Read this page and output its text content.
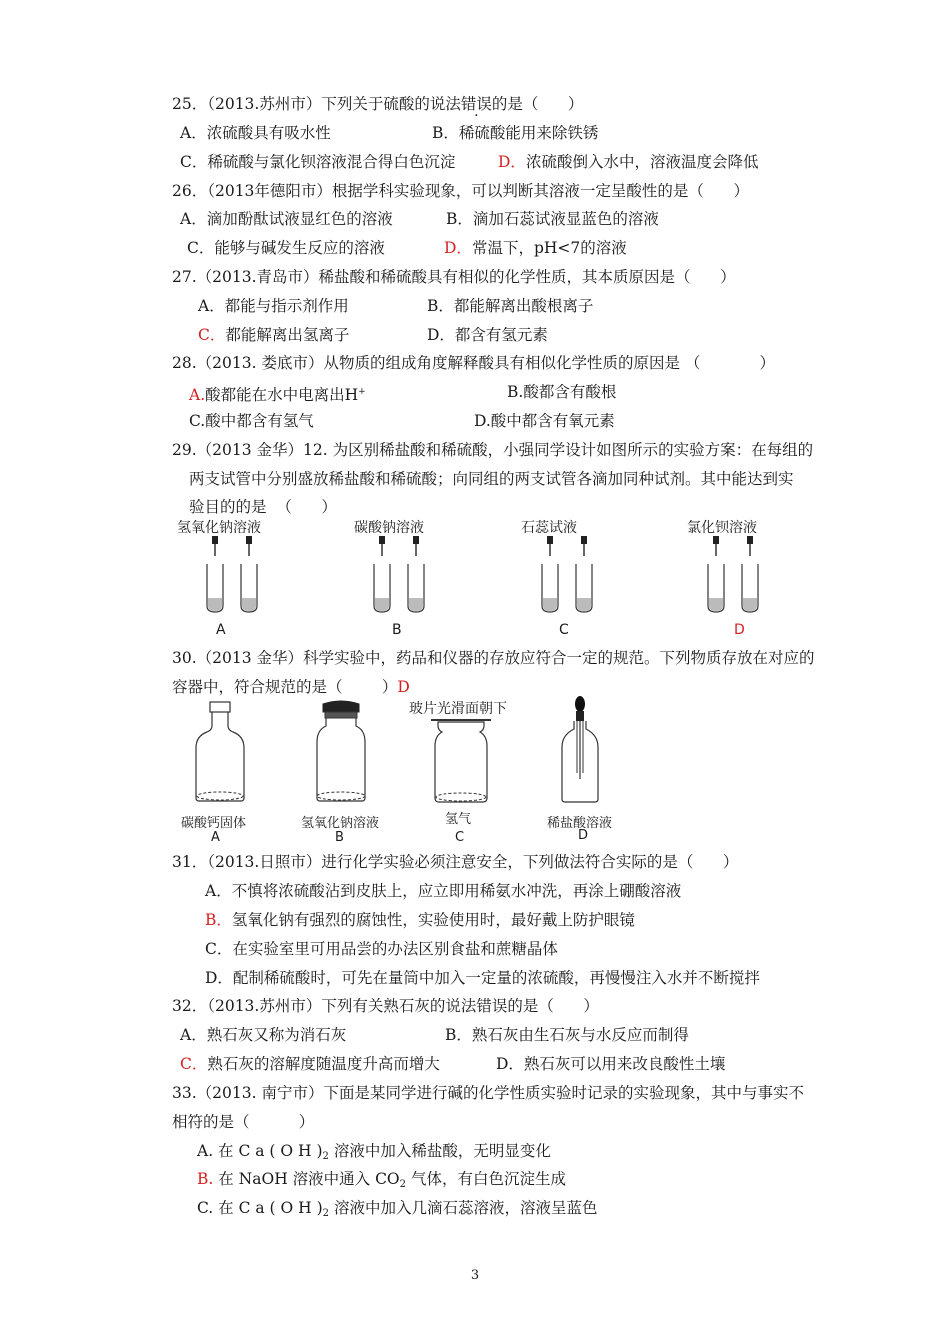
25．（2013.苏州市）下列关于硫酸的说法错误的是（      ）
A．浓硫酸具有吸水性	B．稀硫酸能用来除铁锈
C．稀硫酸与氯化钡溶液混合得白色沉淀	D．浓硫酸倒入水中，溶液温度会降低
26．（2013年德阳市）根据学科实验现象，可以判断其溶液一定呈酸性的是（      ）
A．滴加酚酞试液显红色的溶液	B．滴加石蕊试液显蓝色的溶液
C．能够与碱发生反应的溶液	D．常温下，pH<7的溶液
27.（2013.青岛市）稀盐酸和稀硫酸具有相似的化学性质，其本质原因是（      ）
A．都能与指示剂作用	B．都能解离出酸根离子
C．都能解离出氢离子	D．都含有氢元素
28.（2013. 娄底市）从物质的组成角度解释酸具有相似化学性质的原因是 （            ）
A.酸都能在水中电离出H+	B.酸都含有酸根
C.酸中都含有氢气	D.酸中都含有氧元素
29.（2013 金华）12. 为区别稀盐酸和稀硫酸，小强同学设计如图所示的实验方案：在每组的
两支试管中分别盛放稀盐酸和稀硫酸；向同组的两支试管各滴加同种试剂。其中能达到实
验目的的是  （      ）
氢氧化钠溶液	碳酸钠溶液	石蕊试液	氯化钡溶液
A	B	C	D
30.（2013 金华）科学实验中，药品和仪器的存放应符合一定的规范。下列物质存放在对应的
容器中，符合规范的是（        ）D
玻片光滑面朝下
碳酸钙固体	氢氧化钠溶液	氢气	稀盐酸溶液
A	B	C	D
31．（2013.日照市）进行化学实验必须注意安全，下列做法符合实际的是（      ）
A．不慎将浓硫酸沾到皮肤上，应立即用稀氨水冲洗，再涂上硼酸溶液
B．氢氧化钠有强烈的腐蚀性，实验使用时，最好戴上防护眼镜
C．在实验室里可用品尝的办法区别食盐和蔗糖晶体
D．配制稀硫酸时，可先在量筒中加入一定量的浓硫酸，再慢慢注入水并不断搅拌
32．（2013.苏州市）下列有关熟石灰的说法错误的是（      ）
A．熟石灰又称为消石灰	B．熟石灰由生石灰与水反应而制得
C．熟石灰的溶解度随温度升高而增大	D．熟石灰可以用来改良酸性土壤
33.（2013. 南宁市）下面是某同学进行碱的化学性质实验时记录的实验现象，其中与事实不
相符的是（          ）
A. 在 C a ( O H )$_2$ 溶液中加入稀盐酸，无明显变化
B. 在 NaOH 溶液中通入 $CO_2$ 气体，有白色沉淀生成
C. 在 C a ( O H )$_2$ 溶液中加入几滴石蕊溶液，溶液呈蓝色
3
